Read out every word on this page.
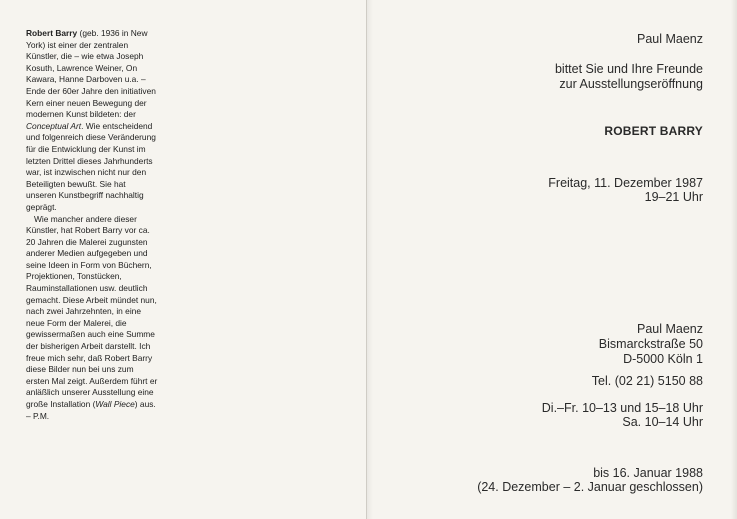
Robert Barry (geb. 1936 in New York) ist einer der zentralen Künstler, die – wie etwa Joseph Kosuth, Lawrence Weiner, On Kawara, Hanne Darboven u.a. – Ende der 60er Jahre den initiativen Kern einer neuen Bewegung der modernen Kunst bildeten: der Conceptual Art. Wie entscheidend und folgenreich diese Veränderung für die Entwicklung der Kunst im letzten Drittel dieses Jahrhunderts war, ist inzwischen nicht nur den Beteiligten bewußt. Sie hat unseren Kunstbegriff nachhaltig geprägt.

Wie mancher andere dieser Künstler, hat Robert Barry vor ca. 20 Jahren die Malerei zugunsten anderer Medien aufgegeben und seine Ideen in Form von Büchern, Projektionen, Tonstücken, Rauminstallationen usw. deutlich gemacht. Diese Arbeit mündet nun, nach zwei Jahrzehnten, in eine neue Form der Malerei, die gewissermaßen auch eine Summe der bisherigen Arbeit darstellt. Ich freue mich sehr, daß Robert Barry diese Bilder nun bei uns zum ersten Mal zeigt. Außerdem führt er anläßlich unserer Ausstellung eine große Installation (Wall Piece) aus.

– P.M.

Paul Maenz
bittet Sie und Ihre Freunde
zur Ausstellungseröffnung
ROBERT BARRY
Freitag, 11. Dezember 1987
19–21 Uhr
Paul Maenz
Bismarckstraße 50
D-5000 Köln 1
Tel. (02 21) 5150 88
Di.–Fr. 10–13 und 15–18 Uhr
Sa. 10–14 Uhr
bis 16. Januar 1988
(24. Dezember – 2. Januar geschlossen)
